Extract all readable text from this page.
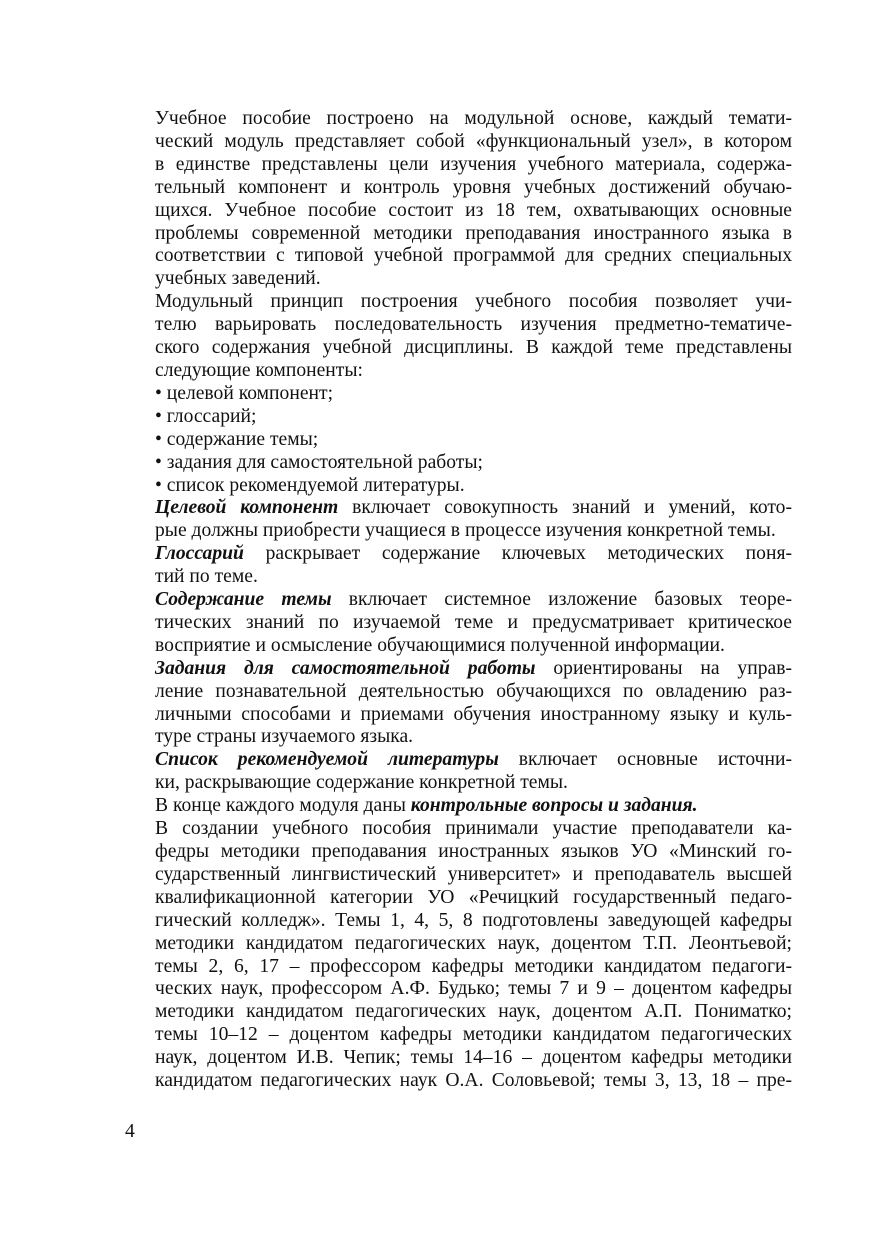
Учебное пособие построено на модульной основе, каждый темати-
ческий модуль представляет собой «функциональный узел», в котором
в единстве представлены цели изучения учебного материала, содержа-
тельный компонент и контроль уровня учебных достижений обучаю-
щихся. Учебное пособие состоит из 18 тем, охватывающих основные
проблемы современной методики преподавания иностранного языка в
соответствии с типовой учебной программой для средних специальных
учебных заведений.
Модульный принцип построения учебного пособия позволяет учи-
телю варьировать последовательность изучения предметно-тематиче-
ского содержания учебной дисциплины. В каждой теме представлены
следующие компоненты:
• целевой компонент;
• глоссарий;
• содержание темы;
• задания для самостоятельной работы;
• список рекомендуемой литературы.
Целевой компонент включает совокупность знаний и умений, кото-
рые должны приобрести учащиеся в процессе изучения конкретной темы.
Глоссарий раскрывает содержание ключевых методических поня-
тий по теме.
Содержание темы включает системное изложение базовых теоре-
тических знаний по изучаемой теме и предусматривает критическое
восприятие и осмысление обучающимися полученной информации.
Задания для самостоятельной работы ориентированы на управ-
ление познавательной деятельностью обучающихся по овладению раз-
личными способами и приемами обучения иностранному языку и куль-
туре страны изучаемого языка.
Список рекомендуемой литературы включает основные источни-
ки, раскрывающие содержание конкретной темы.
В конце каждого модуля даны контрольные вопросы и задания.
В создании учебного пособия принимали участие преподаватели ка-
федры методики преподавания иностранных языков УО «Минский го-
сударственный лингвистический университет» и преподаватель высшей
квалификационной категории УО «Речицкий государственный педаго-
гический колледж». Темы 1, 4, 5, 8 подготовлены заведующей кафедры
методики кандидатом педагогических наук, доцентом Т.П. Леонтьевой;
темы 2, 6, 17 – профессором кафедры методики кандидатом педагоги-
ческих наук, профессором А.Ф. Будько; темы 7 и 9 – доцентом кафедры
методики кандидатом педагогических наук, доцентом А.П. Пониматко;
темы 10–12 – доцентом кафедры методики кандидатом педагогических
наук, доцентом И.В. Чепик; темы 14–16 – доцентом кафедры методики
кандидатом педагогических наук О.А. Соловьевой; темы 3, 13, 18 – пре-
4
